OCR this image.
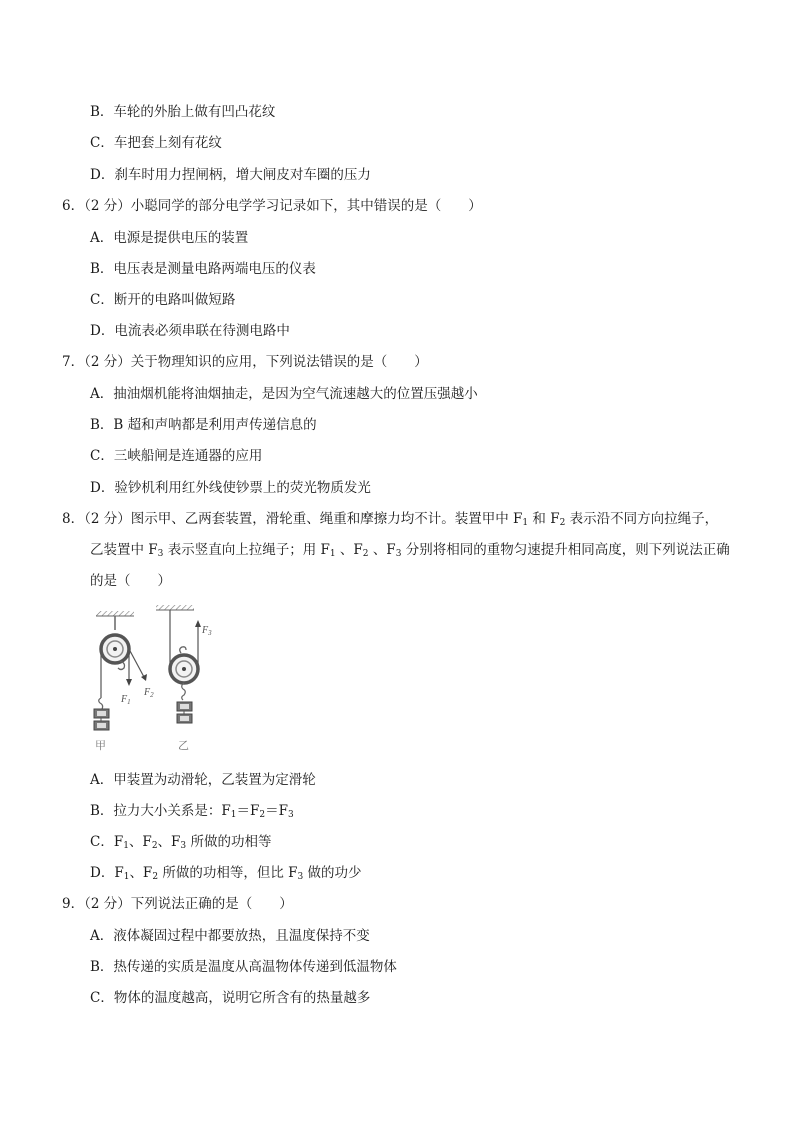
B．车轮的外胎上做有凹凸花纹
C．车把套上刻有花纹
D．刹车时用力捏闸柄，增大闸皮对车圈的压力
6．（2 分）小聪同学的部分电学学习记录如下，其中错误的是（　　）
A．电源是提供电压的装置
B．电压表是测量电路两端电压的仪表
C．断开的电路叫做短路
D．电流表必须串联在待测电路中
7．（2 分）关于物理知识的应用，下列说法错误的是（　　）
A．抽油烟机能将油烟抽走，是因为空气流速越大的位置压强越小
B．B 超和声呐都是利用声传递信息的
C．三峡船闸是连通器的应用
D．验钞机利用红外线使钞票上的荧光物质发光
8．（2 分）图示甲、乙两套装置，滑轮重、绳重和摩擦力均不计。装置甲中 $F_1$ 和 $F_2$ 表示沿不同方向拉绳子，
乙装置中 $F_3$ 表示竖直向上拉绳子；用 $F_1$ 、$F_2$ 、$F_3$ 分别将相同的重物匀速提升相同高度，则下列说法正确
的是（　　）
$F_1$
$F_2$
甲
$F_3$
乙
A．甲装置为动滑轮，乙装置为定滑轮
B．拉力大小关系是：$F_1=F_2=F_3$
C．$F_1$、$F_2$、$F_3$ 所做的功相等
D．$F_1$、$F_2$ 所做的功相等，但比 $F_3$ 做的功少
9．（2 分）下列说法正确的是（　　）
A．液体凝固过程中都要放热，且温度保持不变
B．热传递的实质是温度从高温物体传递到低温物体
C．物体的温度越高，说明它所含有的热量越多
